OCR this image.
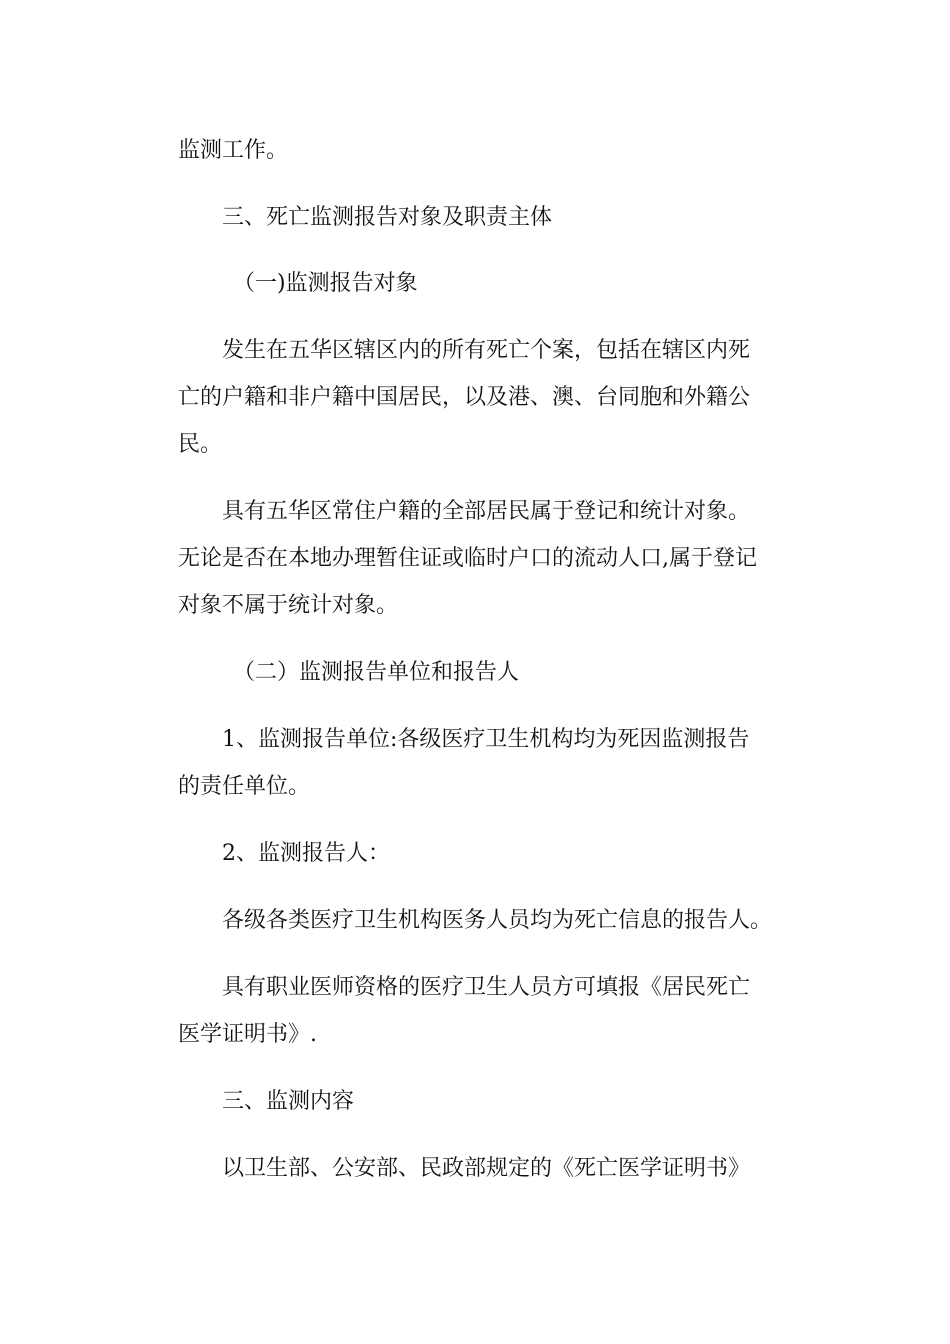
监测工作。

三、死亡监测报告对象及职责主体

（一)监测报告对象

发生在五华区辖区内的所有死亡个案，包括在辖区内死

亡的户籍和非户籍中国居民，以及港、澳、台同胞和外籍公

民。

具有五华区常住户籍的全部居民属于登记和统计对象。

无论是否在本地办理暂住证或临时户口的流动人口,属于登记

对象不属于统计对象。

（二）监测报告单位和报告人

1、监测报告单位:各级医疗卫生机构均为死因监测报告

的责任单位。

2、监测报告人：

各级各类医疗卫生机构医务人员均为死亡信息的报告人。

具有职业医师资格的医疗卫生人员方可填报《居民死亡

医学证明书》.

三、监测内容

以卫生部、公安部、民政部规定的《死亡医学证明书》
